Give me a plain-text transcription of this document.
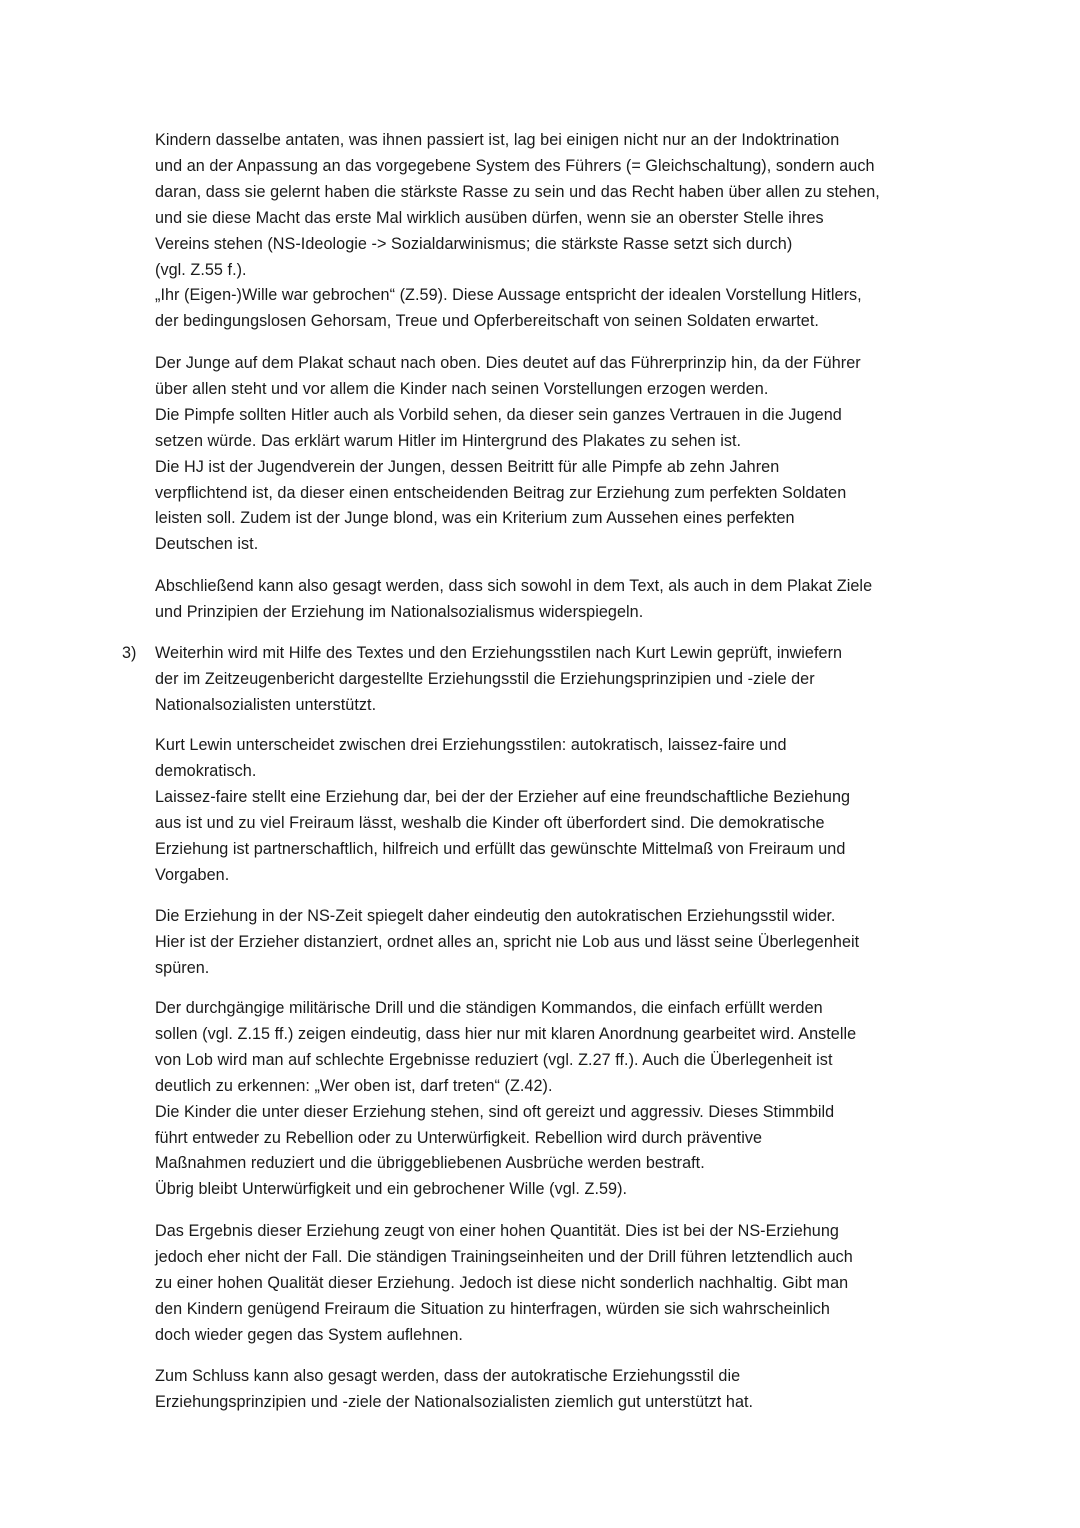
Kindern dasselbe antaten, was ihnen passiert ist, lag bei einigen nicht nur an der Indoktrination
und an der Anpassung an das vorgegebene System des Führers (= Gleichschaltung), sondern auch
daran, dass sie gelernt haben die stärkste Rasse zu sein und das Recht haben über allen zu stehen,
und sie diese Macht das erste Mal wirklich ausüben dürfen, wenn sie an oberster Stelle ihres
Vereins stehen (NS-Ideologie -> Sozialdarwinismus; die stärkste Rasse setzt sich durch)
(vgl. Z.55 f.).
„Ihr (Eigen-)Wille war gebrochen“ (Z.59). Diese Aussage entspricht der idealen Vorstellung Hitlers,
der bedingungslosen Gehorsam, Treue und Opferbereitschaft von seinen Soldaten erwartet.

Der Junge auf dem Plakat schaut nach oben. Dies deutet auf das Führerprinzip hin, da der Führer
über allen steht und vor allem die Kinder nach seinen Vorstellungen erzogen werden.
Die Pimpfe sollten Hitler auch als Vorbild sehen, da dieser sein ganzes Vertrauen in die Jugend
setzen würde. Das erklärt warum Hitler im Hintergrund des Plakates zu sehen ist.
Die HJ ist der Jugendverein der Jungen, dessen Beitritt für alle Pimpfe ab zehn Jahren
verpflichtend ist, da dieser einen entscheidenden Beitrag zur Erziehung zum perfekten Soldaten
leisten soll. Zudem ist der Junge blond, was ein Kriterium zum Aussehen eines perfekten
Deutschen ist.

Abschließend kann also gesagt werden, dass sich sowohl in dem Text, als auch in dem Plakat Ziele
und Prinzipien der Erziehung im Nationalsozialismus widerspiegeln.

3) Weiterhin wird mit Hilfe des Textes und den Erziehungsstilen nach Kurt Lewin geprüft, inwiefern
der im Zeitzeugenbericht dargestellte Erziehungsstil die Erziehungsprinzipien und -ziele der
Nationalsozialisten unterstützt.

Kurt Lewin unterscheidet zwischen drei Erziehungsstilen: autokratisch, laissez-faire und
demokratisch.
Laissez-faire stellt eine Erziehung dar, bei der der Erzieher auf eine freundschaftliche Beziehung
aus ist und zu viel Freiraum lässt, weshalb die Kinder oft überfordert sind. Die demokratische
Erziehung ist partnerschaftlich, hilfreich und erfüllt das gewünschte Mittelmaß von Freiraum und
Vorgaben.

Die Erziehung in der NS-Zeit spiegelt daher eindeutig den autokratischen Erziehungsstil wider.
Hier ist der Erzieher distanziert, ordnet alles an, spricht nie Lob aus und lässt seine Überlegenheit
spüren.

Der durchgängige militärische Drill und die ständigen Kommandos, die einfach erfüllt werden
sollen (vgl. Z.15 ff.) zeigen eindeutig, dass hier nur mit klaren Anordnung gearbeitet wird. Anstelle
von Lob wird man auf schlechte Ergebnisse reduziert (vgl. Z.27 ff.). Auch die Überlegenheit ist
deutlich zu erkennen: „Wer oben ist, darf treten“ (Z.42).
Die Kinder die unter dieser Erziehung stehen, sind oft gereizt und aggressiv. Dieses Stimmbild
führt entweder zu Rebellion oder zu Unterwürfigkeit. Rebellion wird durch präventive
Maßnahmen reduziert und die übriggebliebenen Ausbrüche werden bestraft.
Übrig bleibt Unterwürfigkeit und ein gebrochener Wille (vgl. Z.59).

Das Ergebnis dieser Erziehung zeugt von einer hohen Quantität. Dies ist bei der NS-Erziehung
jedoch eher nicht der Fall. Die ständigen Trainingseinheiten und der Drill führen letztendlich auch
zu einer hohen Qualität dieser Erziehung. Jedoch ist diese nicht sonderlich nachhaltig. Gibt man
den Kindern genügend Freiraum die Situation zu hinterfragen, würden sie sich wahrscheinlich
doch wieder gegen das System auflehnen.

Zum Schluss kann also gesagt werden, dass der autokratische Erziehungsstil die
Erziehungsprinzipien und -ziele der Nationalsozialisten ziemlich gut unterstützt hat.
